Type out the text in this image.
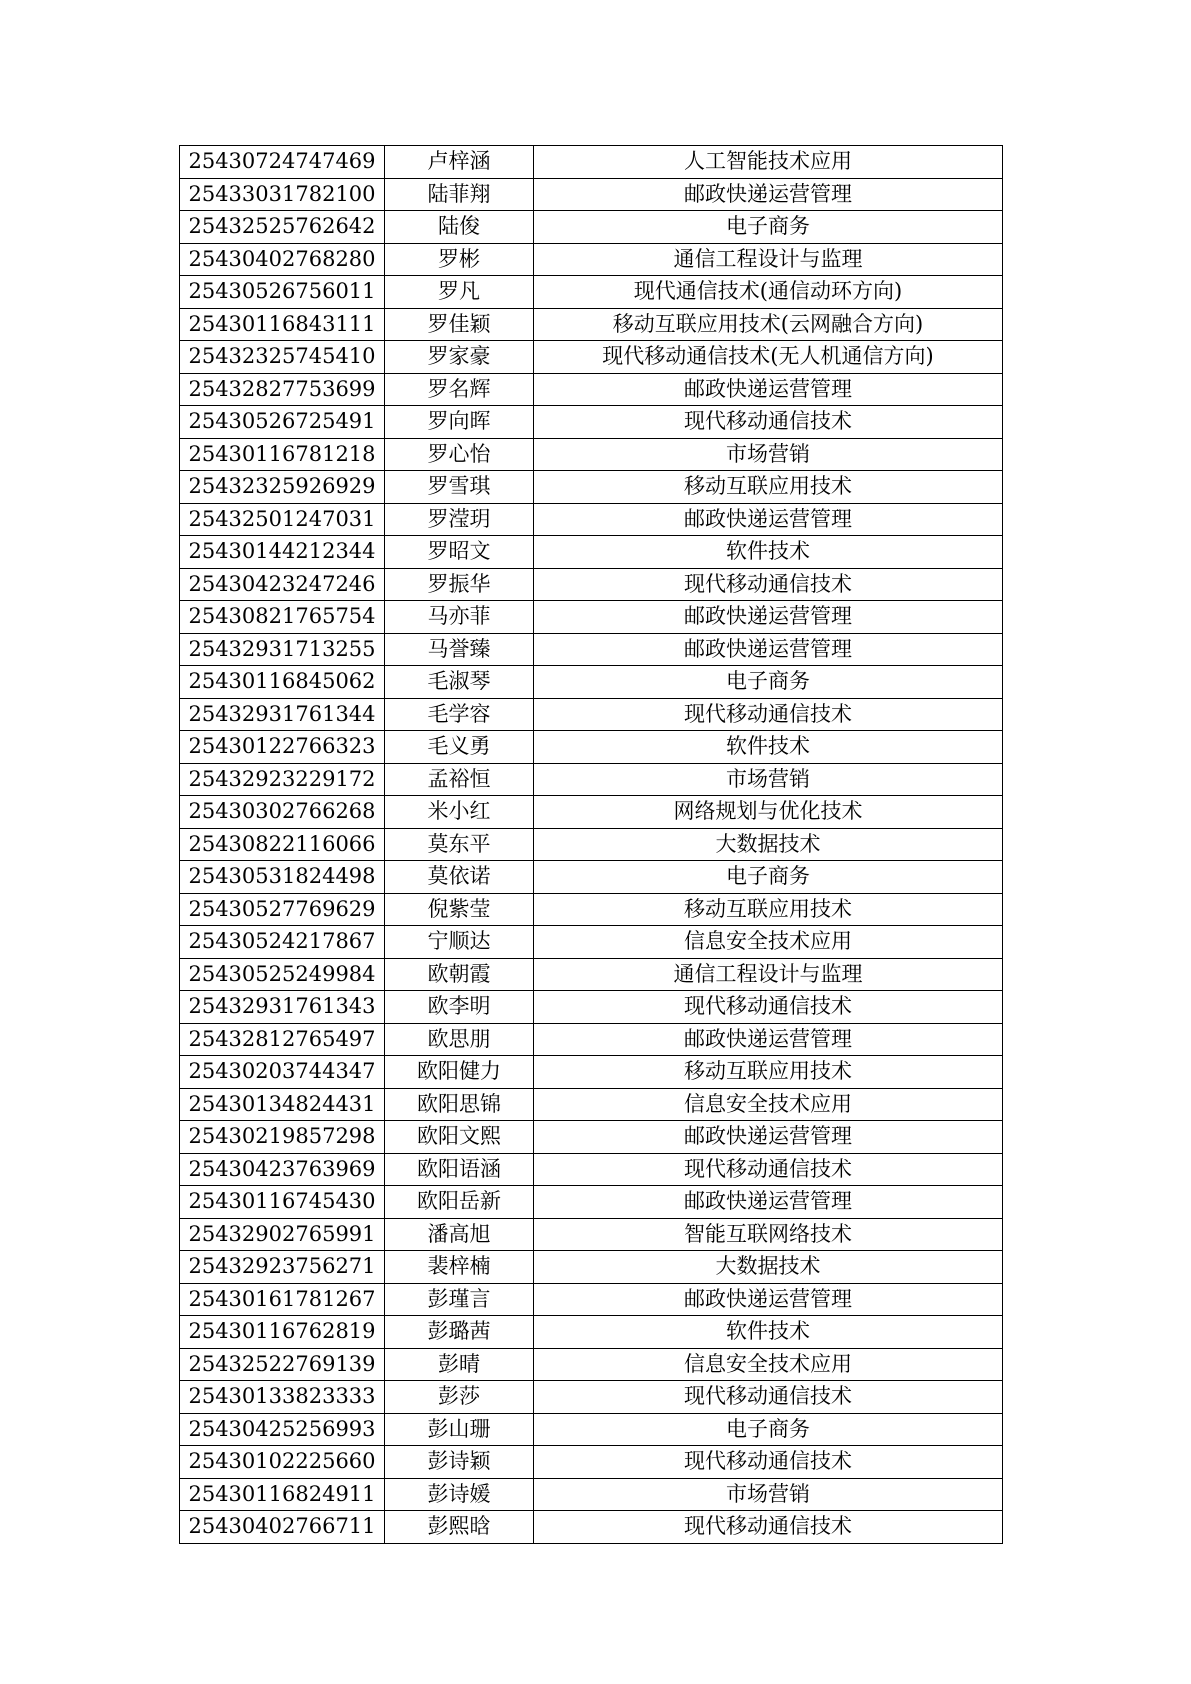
25430724747469	卢梓涵	人工智能技术应用
25433031782100	陆菲翔	邮政快递运营管理
25432525762642	陆俊	电子商务
25430402768280	罗彬	通信工程设计与监理
25430526756011	罗凡	现代通信技术(通信动环方向)
25430116843111	罗佳颖	移动互联应用技术(云网融合方向)
25432325745410	罗家豪	现代移动通信技术(无人机通信方向)
25432827753699	罗名辉	邮政快递运营管理
25430526725491	罗向晖	现代移动通信技术
25430116781218	罗心怡	市场营销
25432325926929	罗雪琪	移动互联应用技术
25432501247031	罗滢玥	邮政快递运营管理
25430144212344	罗昭文	软件技术
25430423247246	罗振华	现代移动通信技术
25430821765754	马亦菲	邮政快递运营管理
25432931713255	马誉臻	邮政快递运营管理
25430116845062	毛淑琴	电子商务
25432931761344	毛学容	现代移动通信技术
25430122766323	毛义勇	软件技术
25432923229172	孟裕恒	市场营销
25430302766268	米小红	网络规划与优化技术
25430822116066	莫东平	大数据技术
25430531824498	莫依诺	电子商务
25430527769629	倪紫莹	移动互联应用技术
25430524217867	宁顺达	信息安全技术应用
25430525249984	欧朝霞	通信工程设计与监理
25432931761343	欧李明	现代移动通信技术
25432812765497	欧思朋	邮政快递运营管理
25430203744347	欧阳健力	移动互联应用技术
25430134824431	欧阳思锦	信息安全技术应用
25430219857298	欧阳文熙	邮政快递运营管理
25430423763969	欧阳语涵	现代移动通信技术
25430116745430	欧阳岳新	邮政快递运营管理
25432902765991	潘高旭	智能互联网络技术
25432923756271	裴梓楠	大数据技术
25430161781267	彭瑾言	邮政快递运营管理
25430116762819	彭璐茜	软件技术
25432522769139	彭晴	信息安全技术应用
25430133823333	彭莎	现代移动通信技术
25430425256993	彭山珊	电子商务
25430102225660	彭诗颖	现代移动通信技术
25430116824911	彭诗媛	市场营销
25430402766711	彭熙晗	现代移动通信技术
